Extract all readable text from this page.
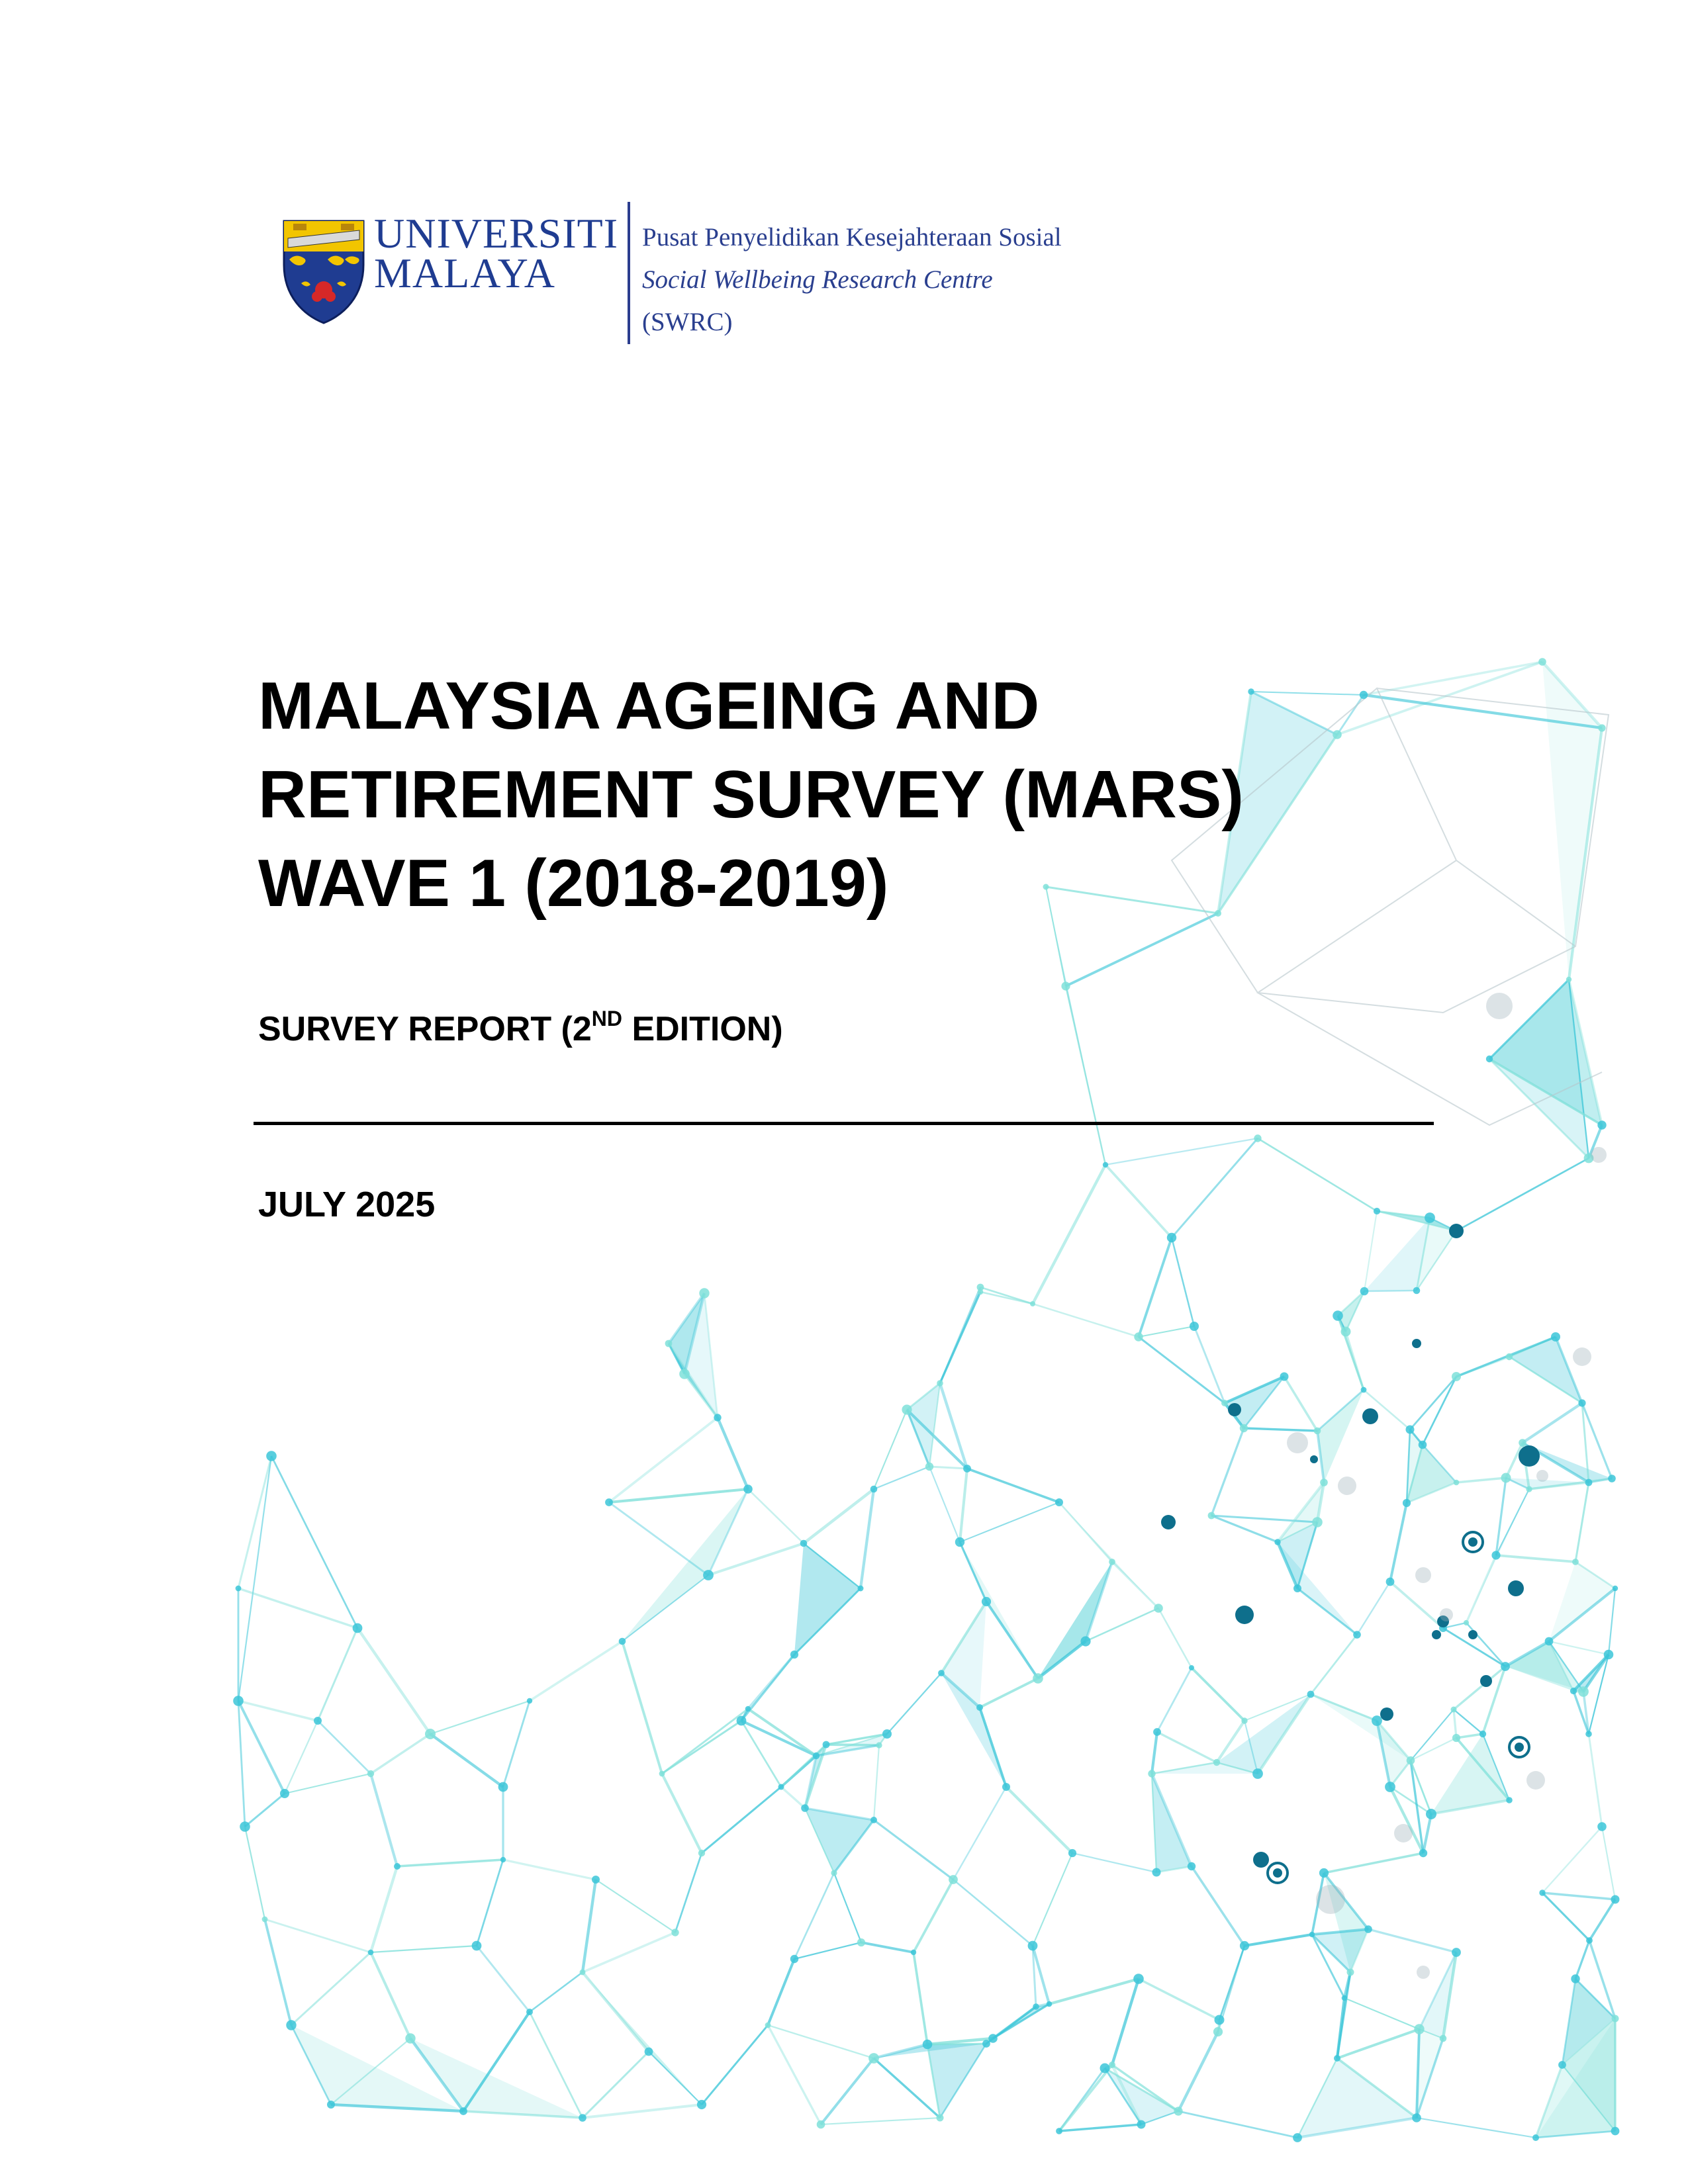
UNIVERSITI
MALAYA
Pusat Penyelidikan Kesejahteraan Sosial
Social Wellbeing Research Centre
(SWRC)
MALAYSIA AGEING AND
RETIREMENT SURVEY (MARS)
WAVE 1 (2018-2019)
SURVEY REPORT (2ND EDITION)
JULY 2025
